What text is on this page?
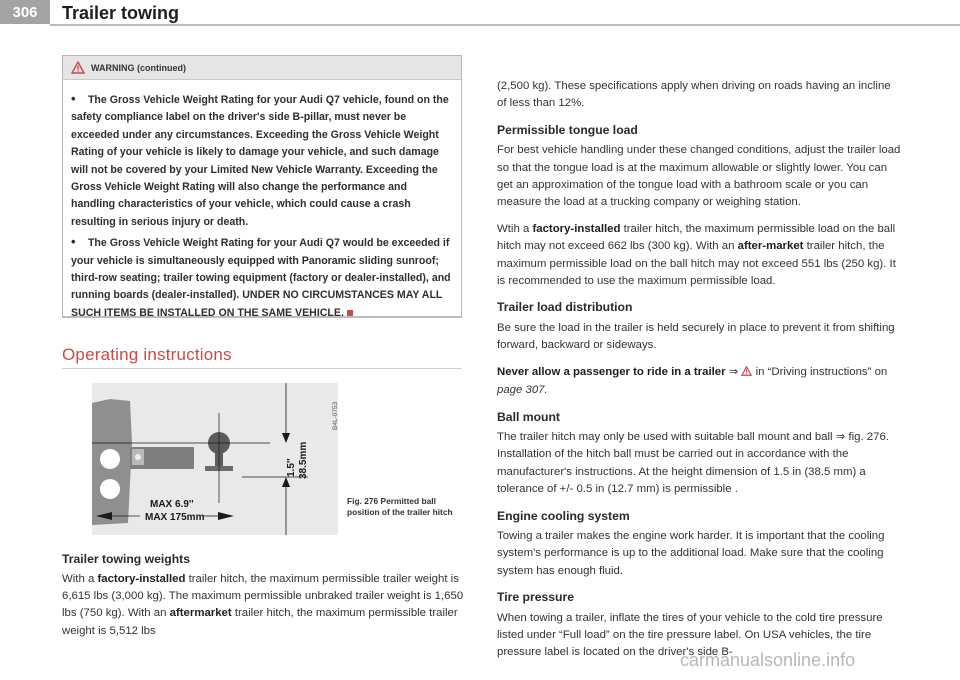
306	Trailer towing
WARNING (continued)

• The Gross Vehicle Weight Rating for your Audi Q7 vehicle, found on the safety compliance label on the driver's side B-pillar, must never be exceeded under any circumstances. Exceeding the Gross Vehicle Weight Rating of your vehicle is likely to damage your vehicle, and such damage will not be covered by your Limited New Vehicle Warranty. Exceeding the Gross Vehicle Weight Rating will also change the performance and handling characteristics of your vehicle, which could cause a crash resulting in serious injury or death.

• The Gross Vehicle Weight Rating for your Audi Q7 would be exceeded if your vehicle is simultaneously equipped with Panoramic sliding sunroof; third-row seating; trailer towing equipment (factory or dealer-installed), and running boards (dealer-installed). UNDER NO CIRCUMSTANCES MAY ALL SUCH ITEMS BE INSTALLED ON THE SAME VEHICLE.

Operating instructions
1.5'' 38.5mm
MAX 6.9''
MAX 175mm
B4L-0753
Fig. 276 Permitted ball position of the trailer hitch
Trailer towing weights
With a factory-installed trailer hitch, the maximum permissible trailer weight is 6,615 lbs (3,000 kg). The maximum permissible unbraked trailer weight is 1,650 lbs (750 kg). With an aftermarket trailer hitch, the maximum permissible trailer weight is 5,512 lbs

(2,500 kg). These specifications apply when driving on roads having an incline of less than 12%.

Permissible tongue load

For best vehicle handling under these changed conditions, adjust the trailer load so that the tongue load is at the maximum allowable or slightly lower. You can get an approximation of the tongue load with a bathroom scale or you can measure the load at a trucking company or weighing station.

Wtih a factory-installed trailer hitch, the maximum permissible load on the ball hitch may not exceed 662 lbs (300 kg). With an after-market trailer hitch, the maximum permissible load on the ball hitch may not exceed 551 lbs (250 kg). It is recommended to use the maximum permissible load.

Trailer load distribution

Be sure the load in the trailer is held securely in place to prevent it from shifting forward, backward or sideways.

Never allow a passenger to ride in a trailer ⇒  in “Driving instructions” on page 307.

Ball mount

The trailer hitch may only be used with suitable ball mount and ball ⇒ fig. 276. Installation of the hitch ball must be carried out in accordance with the manufacturer's instructions. At the height dimension of 1.5 in (38.5 mm) a tolerance of +/- 0.5 in (12.7 mm) is permissible .

Engine cooling system

Towing a trailer makes the engine work harder. It is important that the cooling system's performance is up to the additional load. Make sure that the cooling system has enough fluid.

Tire pressure

When towing a trailer, inflate the tires of your vehicle to the cold tire pressure listed under “Full load” on the tire pressure label. On USA vehicles, the tire pressure label is located on the driver's side B-

carmanualsonline.info
